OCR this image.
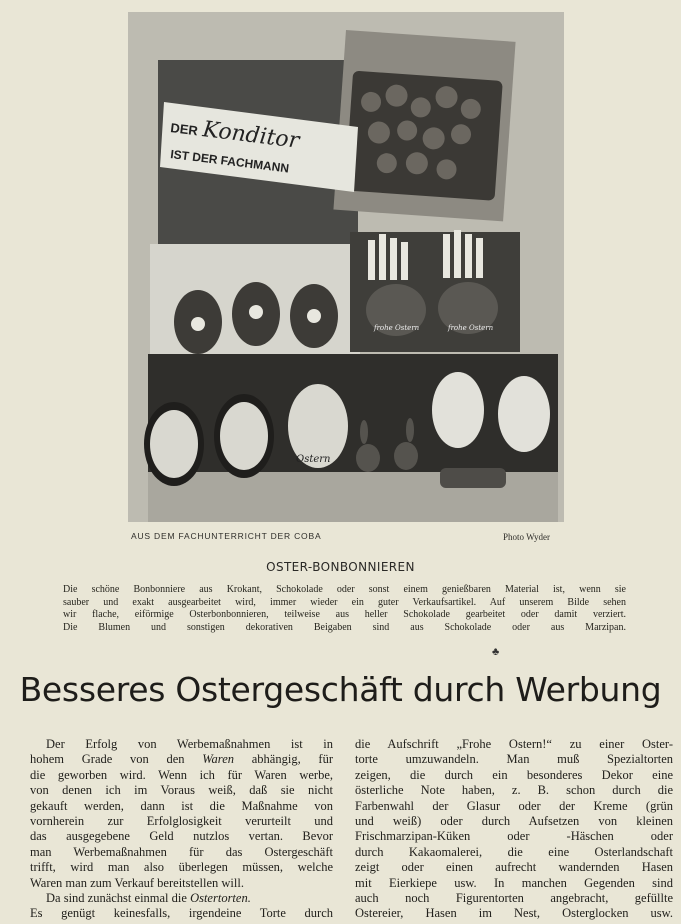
DER Konditor
IST DER FACHMANN
frohe Ostern	frohe Ostern
Ostern
AUS DEM FACHUNTERRICHT DER COBA	Photo Wyder
OSTER-BONBONNIEREN
Die schöne Bonbonniere aus Krokant, Schokolade oder sonst einem genießbaren Material ist, wenn sie
sauber und exakt ausgearbeitet wird, immer wieder ein guter Verkaufsartikel. Auf unserem Bilde sehen
wir flache, eiförmige Osterbonbonnieren, teilweise aus heller Schokolade gearbeitet oder damit verziert.
Die Blumen und sonstigen dekorativen Beigaben sind aus Schokolade oder aus Marzipan.
♣
Besseres Ostergeschäft durch Werbung
Der Erfolg von Werbemaßnahmen ist in
hohem Grade von den Waren abhängig, für
die geworben wird. Wenn ich für Waren werbe,
von denen ich im Voraus weiß, daß sie nicht
gekauft werden, dann ist die Maßnahme von
vornherein zur Erfolglosigkeit verurteilt und
das ausgegebene Geld nutzlos vertan. Bevor
man Werbemaßnahmen für das Ostergeschäft
trifft, wird man also überlegen müssen, welche
Waren man zum Verkauf bereitstellen will.
Da sind zunächst einmal die Ostertorten.
Es genügt keinesfalls, irgendeine Torte durch
die Aufschrift „Frohe Ostern!“ zu einer Oster-
torte umzuwandeln. Man muß Spezialtorten
zeigen, die durch ein besonderes Dekor eine
österliche Note haben, z. B. schon durch die
Farbenwahl der Glasur oder der Kreme (grün
und weiß) oder durch Aufsetzen von kleinen
Frischmarzipan-Küken oder -Häschen oder
durch Kakaomalerei, die eine Osterlandschaft
zeigt oder einen aufrecht wandernden Hasen
mit Eierkiepe usw. In manchen Gegenden sind
auch noch Figurentorten angebracht, gefüllte
Ostereier, Hasen im Nest, Osterglocken usw.
